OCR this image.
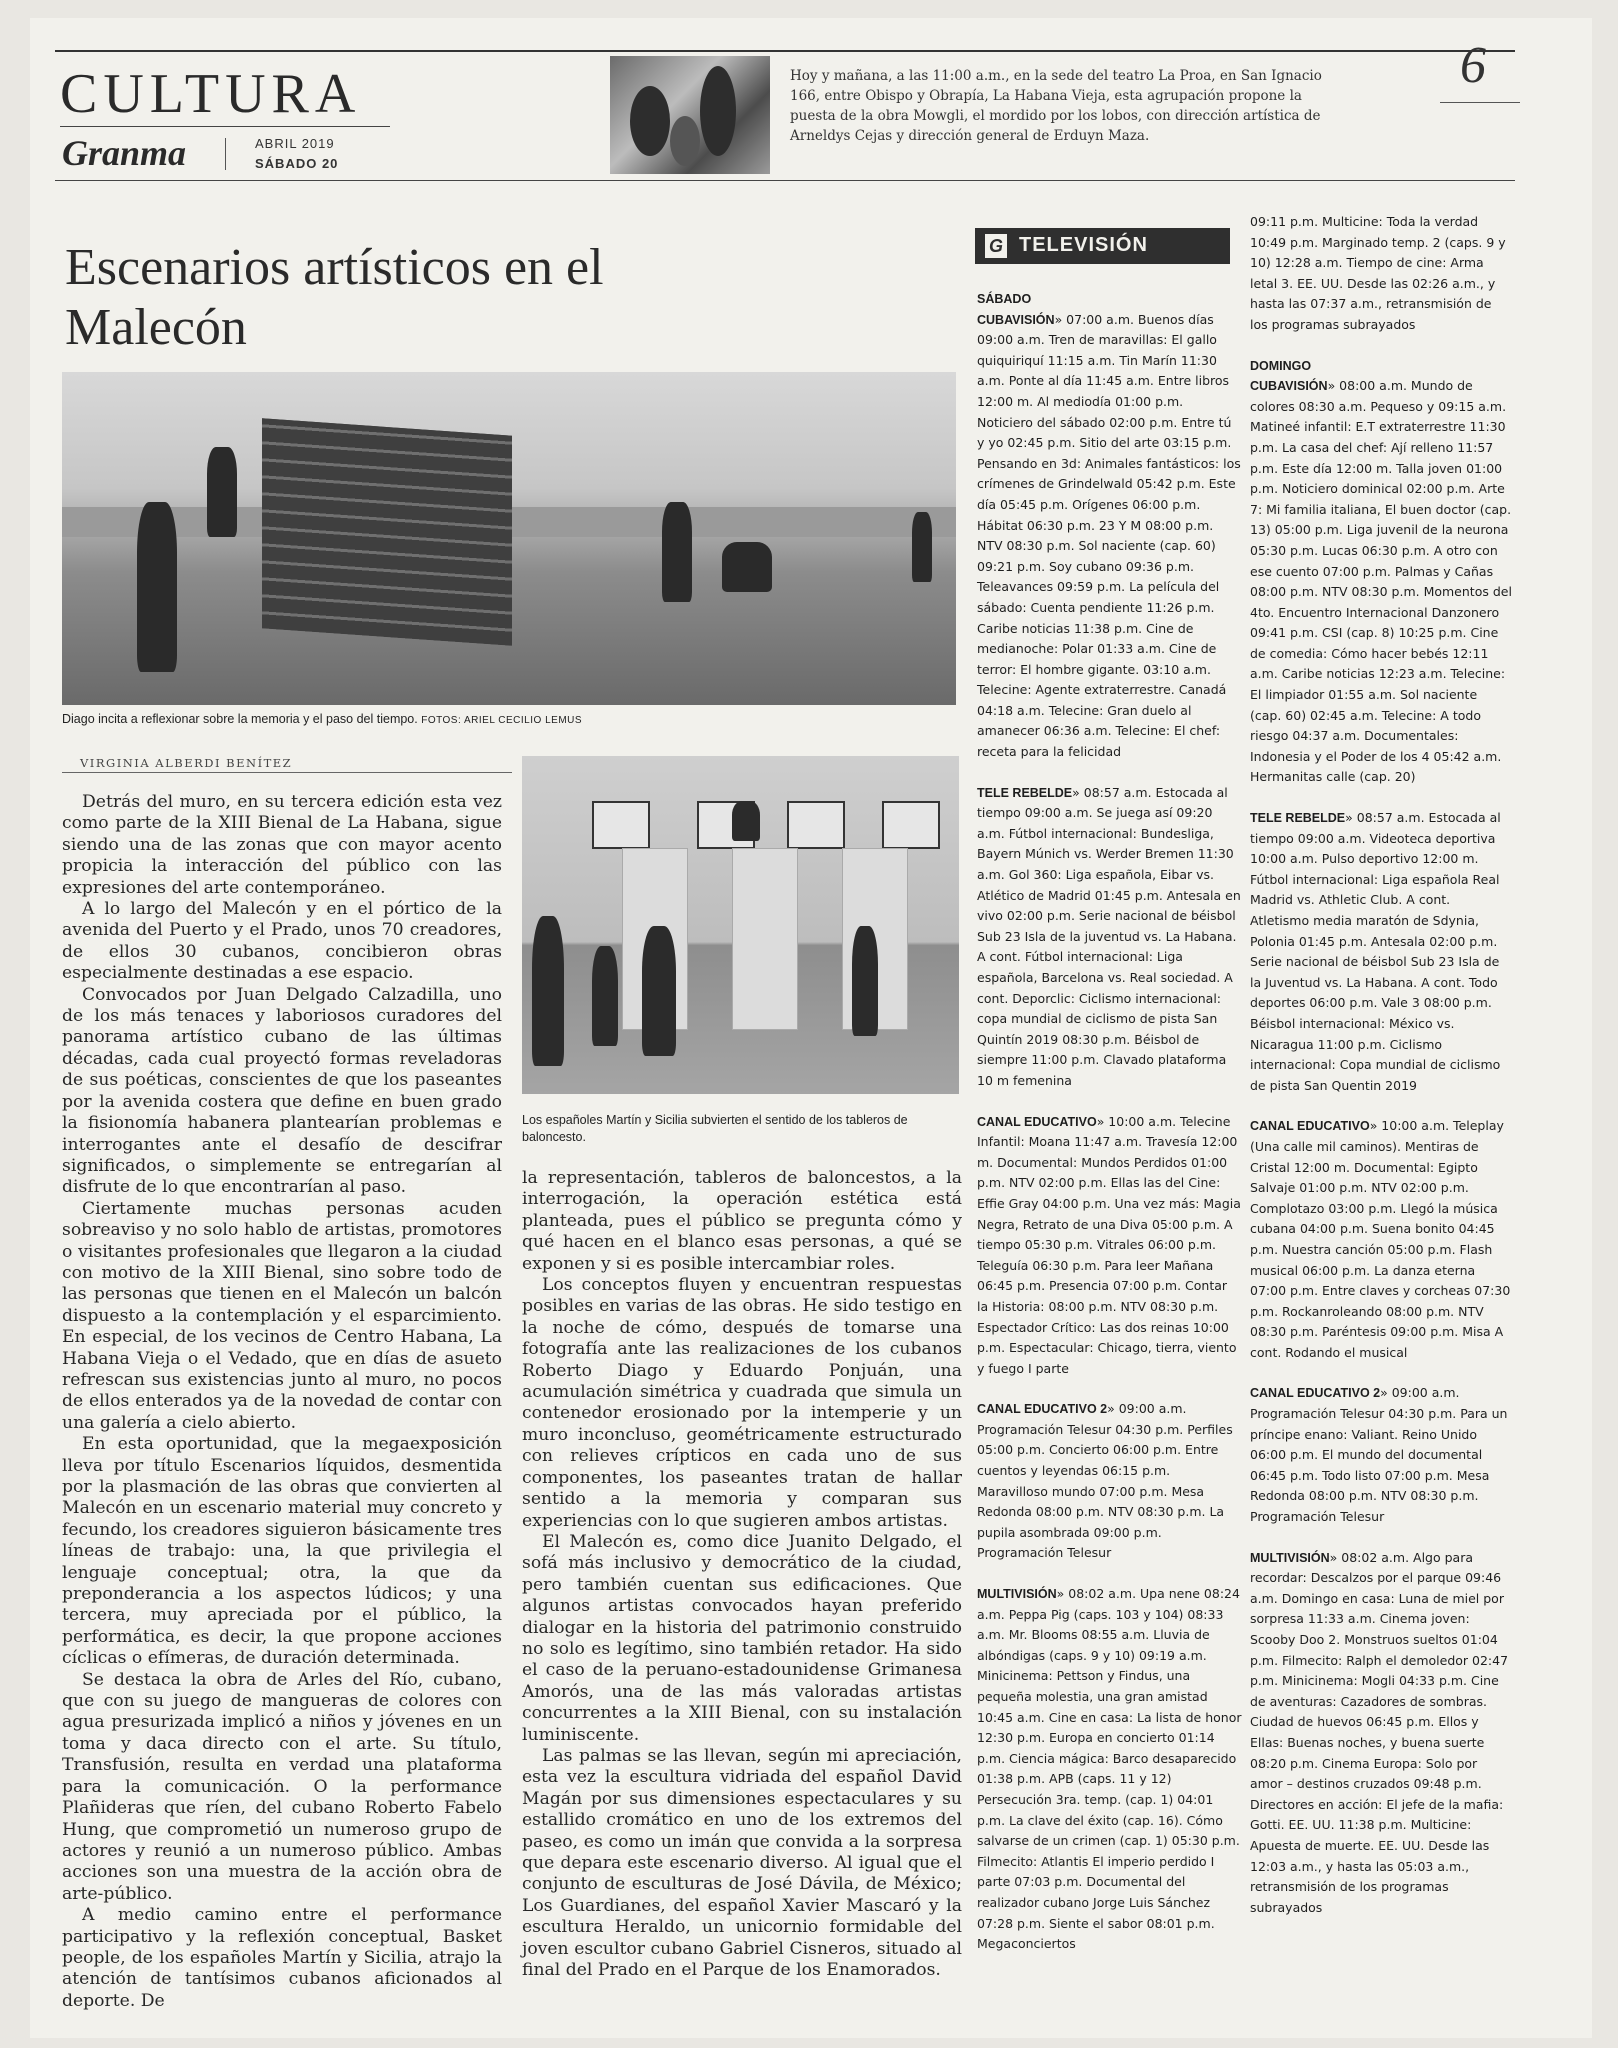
CULTURA
Granma	ABRIL 2019
SÁBADO 20
Hoy y mañana, a las 11:00 a.m., en la sede del teatro La Proa, en San Ignacio 166, entre Obispo y Obrapía, La Habana Vieja, esta agrupación propone la puesta de la obra Mowgli, el mordido por los lobos, con dirección artística de Arneldys Cejas y dirección general de Erduyn Maza.
6
Escenarios artísticos en el Malecón
Diago incita a reflexionar sobre la memoria y el paso del tiempo. FOTOS: ARIEL CECILIO LEMUS
VIRGINIA ALBERDI BENÍTEZ

Detrás del muro, en su tercera edición esta vez como parte de la XIII Bienal de La Habana, sigue siendo una de las zonas que con mayor acento propicia la interacción del público con las expresiones del arte contemporáneo.

A lo largo del Malecón y en el pórtico de la avenida del Puerto y el Prado, unos 70 creadores, de ellos 30 cubanos, concibieron obras especialmente destinadas a ese espacio.

Convocados por Juan Delgado Calzadilla, uno de los más tenaces y laboriosos curadores del panorama artístico cubano de las últimas décadas, cada cual proyectó formas reveladoras de sus poéticas, conscientes de que los paseantes por la avenida costera que define en buen grado la fisionomía habanera plantearían problemas e interrogantes ante el desafío de descifrar significados, o simplemente se entregarían al disfrute de lo que encontrarían al paso.

Ciertamente muchas personas acuden sobreaviso y no solo hablo de artistas, promotores o visitantes profesionales que llegaron a la ciudad con motivo de la XIII Bienal, sino sobre todo de las personas que tienen en el Malecón un balcón dispuesto a la contemplación y el esparcimiento. En especial, de los vecinos de Centro Habana, La Habana Vieja o el Vedado, que en días de asueto refrescan sus existencias junto al muro, no pocos de ellos enterados ya de la novedad de contar con una galería a cielo abierto.

En esta oportunidad, que la megaexposición lleva por título Escenarios líquidos, desmentida por la plasmación de las obras que convierten al Malecón en un escenario material muy concreto y fecundo, los creadores siguieron básicamente tres líneas de trabajo: una, la que privilegia el lenguaje conceptual; otra, la que da preponderancia a los aspectos lúdicos; y una tercera, muy apreciada por el público, la performática, es decir, la que propone acciones cíclicas o efímeras, de duración determinada.

Se destaca la obra de Arles del Río, cubano, que con su juego de mangueras de colores con agua presurizada implicó a niños y jóvenes en un toma y daca directo con el arte. Su título, Transfusión, resulta en verdad una plataforma para la comunicación. O la performance Plañideras que ríen, del cubano Roberto Fabelo Hung, que comprometió un numeroso grupo de actores y reunió a un numeroso público. Ambas acciones son una muestra de la acción obra de arte-público.

A medio camino entre el performance participativo y la reflexión conceptual, Basket people, de los españoles Martín y Sicilia, atrajo la atención de tantísimos cubanos aficionados al deporte. De

Los españoles Martín y Sicilia subvierten el sentido de los tableros de baloncesto.

la representación, tableros de baloncestos, a la interrogación, la operación estética está planteada, pues el público se pregunta cómo y qué hacen en el blanco esas personas, a qué se exponen y si es posible intercambiar roles.

Los conceptos fluyen y encuentran respuestas posibles en varias de las obras. He sido testigo en la noche de cómo, después de tomarse una fotografía ante las realizaciones de los cubanos Roberto Diago y Eduardo Ponjuán, una acumulación simétrica y cuadrada que simula un contenedor erosionado por la intemperie y un muro inconcluso, geométricamente estructurado con relieves crípticos en cada uno de sus componentes, los paseantes tratan de hallar sentido a la memoria y comparan sus experiencias con lo que sugieren ambos artistas.

El Malecón es, como dice Juanito Delgado, el sofá más inclusivo y democrático de la ciudad, pero también cuentan sus edificaciones. Que algunos artistas convocados hayan preferido dialogar en la historia del patrimonio construido no solo es legítimo, sino también retador. Ha sido el caso de la peruano-estadounidense Grimanesa Amorós, una de las más valoradas artistas concurrentes a la XIII Bienal, con su instalación luminiscente.

Las palmas se las llevan, según mi apreciación, esta vez la escultura vidriada del español David Magán por sus dimensiones espectaculares y su estallido cromático en uno de los extremos del paseo, es como un imán que convida a la sorpresa que depara este escenario diverso. Al igual que el conjunto de esculturas de José Dávila, de México; Los Guardianes, del español Xavier Mascaró y la escultura Heraldo, un unicornio formidable del joven escultor cubano Gabriel Cisneros, situado al final del Prado en el Parque de los Enamorados.

G TELEVISIÓN

SÁBADO
CUBAVISIÓN» 07:00 a.m. Buenos días 09:00 a.m. Tren de maravillas: El gallo quiquiriquí 11:15 a.m. Tin Marín 11:30 a.m. Ponte al día 11:45 a.m. Entre libros 12:00 m. Al mediodía 01:00 p.m. Noticiero del sábado 02:00 p.m. Entre tú y yo 02:45 p.m. Sitio del arte 03:15 p.m. Pensando en 3d: Animales fantásticos: los crímenes de Grindelwald 05:42 p.m. Este día 05:45 p.m. Orígenes 06:00 p.m. Hábitat 06:30 p.m. 23 Y M 08:00 p.m. NTV 08:30 p.m. Sol naciente (cap. 60) 09:21 p.m. Soy cubano 09:36 p.m. Teleavances 09:59 p.m. La película del sábado: Cuenta pendiente 11:26 p.m. Caribe noticias 11:38 p.m. Cine de medianoche: Polar 01:33 a.m. Cine de terror: El hombre gigante. 03:10 a.m. Telecine: Agente extraterrestre. Canadá 04:18 a.m. Telecine: Gran duelo al amanecer 06:36 a.m. Telecine: El chef: receta para la felicidad

TELE REBELDE» 08:57 a.m. Estocada al tiempo 09:00 a.m. Se juega así 09:20 a.m. Fútbol internacional: Bundesliga, Bayern Múnich vs. Werder Bremen 11:30 a.m. Gol 360: Liga española, Eibar vs. Atlético de Madrid 01:45 p.m. Antesala en vivo 02:00 p.m. Serie nacional de béisbol Sub 23 Isla de la juventud vs. La Habana. A cont. Fútbol internacional: Liga española, Barcelona vs. Real sociedad. A cont. Deporclic: Ciclismo internacional: copa mundial de ciclismo de pista San Quintín 2019 08:30 p.m. Béisbol de siempre 11:00 p.m. Clavado plataforma 10 m femenina

CANAL EDUCATIVO» 10:00 a.m. Telecine Infantil: Moana 11:47 a.m. Travesía 12:00 m. Documental: Mundos Perdidos 01:00 p.m. NTV 02:00 p.m. Ellas las del Cine: Effie Gray 04:00 p.m. Una vez más: Magia Negra, Retrato de una Diva 05:00 p.m. A tiempo 05:30 p.m. Vitrales 06:00 p.m. Teleguía 06:30 p.m. Para leer Mañana 06:45 p.m. Presencia 07:00 p.m. Contar la Historia: 08:00 p.m. NTV 08:30 p.m. Espectador Crítico: Las dos reinas 10:00 p.m. Espectacular: Chicago, tierra, viento y fuego I parte

CANAL EDUCATIVO 2» 09:00 a.m. Programación Telesur 04:30 p.m. Perfiles 05:00 p.m. Concierto 06:00 p.m. Entre cuentos y leyendas 06:15 p.m. Maravilloso mundo 07:00 p.m. Mesa Redonda 08:00 p.m. NTV 08:30 p.m. La pupila asombrada 09:00 p.m. Programación Telesur

MULTIVISIÓN» 08:02 a.m. Upa nene 08:24 a.m. Peppa Pig (caps. 103 y 104) 08:33 a.m. Mr. Blooms 08:55 a.m. Lluvia de albóndigas (caps. 9 y 10) 09:19 a.m. Minicinema: Pettson y Findus, una pequeña molestia, una gran amistad 10:45 a.m. Cine en casa: La lista de honor 12:30 p.m. Europa en concierto 01:14 p.m. Ciencia mágica: Barco desaparecido 01:38 p.m. APB (caps. 11 y 12) Persecución 3ra. temp. (cap. 1) 04:01 p.m. La clave del éxito (cap. 16). Cómo salvarse de un crimen (cap. 1) 05:30 p.m. Filmecito: Atlantis El imperio perdido I parte 07:03 p.m. Documental del realizador cubano Jorge Luis Sánchez 07:28 p.m. Siente el sabor 08:01 p.m. Megaconciertos

09:11 p.m. Multicine: Toda la verdad 10:49 p.m. Marginado temp. 2 (caps. 9 y 10) 12:28 a.m. Tiempo de cine: Arma letal 3. EE. UU. Desde las 02:26 a.m., y hasta las 07:37 a.m., retransmisión de los programas subrayados

DOMINGO
CUBAVISIÓN» 08:00 a.m. Mundo de colores 08:30 a.m. Pequeso y 09:15 a.m. Matineé infantil: E.T extraterrestre 11:30 p.m. La casa del chef: Ají relleno 11:57 p.m. Este día 12:00 m. Talla joven 01:00 p.m. Noticiero dominical 02:00 p.m. Arte 7: Mi familia italiana, El buen doctor (cap. 13) 05:00 p.m. Liga juvenil de la neurona 05:30 p.m. Lucas 06:30 p.m. A otro con ese cuento 07:00 p.m. Palmas y Cañas 08:00 p.m. NTV 08:30 p.m. Momentos del 4to. Encuentro Internacional Danzonero 09:41 p.m. CSI (cap. 8) 10:25 p.m. Cine de comedia: Cómo hacer bebés 12:11 a.m. Caribe noticias 12:23 a.m. Telecine: El limpiador 01:55 a.m. Sol naciente (cap. 60) 02:45 a.m. Telecine: A todo riesgo 04:37 a.m. Documentales: Indonesia y el Poder de los 4 05:42 a.m. Hermanitas calle (cap. 20)

TELE REBELDE» 08:57 a.m. Estocada al tiempo 09:00 a.m. Videoteca deportiva 10:00 a.m. Pulso deportivo 12:00 m. Fútbol internacional: Liga española Real Madrid vs. Athletic Club. A cont. Atletismo media maratón de Sdynia, Polonia 01:45 p.m. Antesala 02:00 p.m. Serie nacional de béisbol Sub 23 Isla de la Juventud vs. La Habana. A cont. Todo deportes 06:00 p.m. Vale 3 08:00 p.m. Béisbol internacional: México vs. Nicaragua 11:00 p.m. Ciclismo internacional: Copa mundial de ciclismo de pista San Quentin 2019

CANAL EDUCATIVO» 10:00 a.m. Teleplay (Una calle mil caminos). Mentiras de Cristal 12:00 m. Documental: Egipto Salvaje 01:00 p.m. NTV 02:00 p.m. Complotazo 03:00 p.m. Llegó la música cubana 04:00 p.m. Suena bonito 04:45 p.m. Nuestra canción 05:00 p.m. Flash musical 06:00 p.m. La danza eterna 07:00 p.m. Entre claves y corcheas 07:30 p.m. Rockanroleando 08:00 p.m. NTV 08:30 p.m. Paréntesis 09:00 p.m. Misa A cont. Rodando el musical

CANAL EDUCATIVO 2» 09:00 a.m. Programación Telesur 04:30 p.m. Para un príncipe enano: Valiant. Reino Unido 06:00 p.m. El mundo del documental 06:45 p.m. Todo listo 07:00 p.m. Mesa Redonda 08:00 p.m. NTV 08:30 p.m. Programación Telesur

MULTIVISIÓN» 08:02 a.m. Algo para recordar: Descalzos por el parque 09:46 a.m. Domingo en casa: Luna de miel por sorpresa 11:33 a.m. Cinema joven: Scooby Doo 2. Monstruos sueltos 01:04 p.m. Filmecito: Ralph el demoledor 02:47 p.m. Minicinema: Mogli 04:33 p.m. Cine de aventuras: Cazadores de sombras. Ciudad de huevos 06:45 p.m. Ellos y Ellas: Buenas noches, y buena suerte 08:20 p.m. Cinema Europa: Solo por amor – destinos cruzados 09:48 p.m. Directores en acción: El jefe de la mafia: Gotti. EE. UU. 11:38 p.m. Multicine: Apuesta de muerte. EE. UU. Desde las 12:03 a.m., y hasta las 05:03 a.m., retransmisión de los programas subrayados
